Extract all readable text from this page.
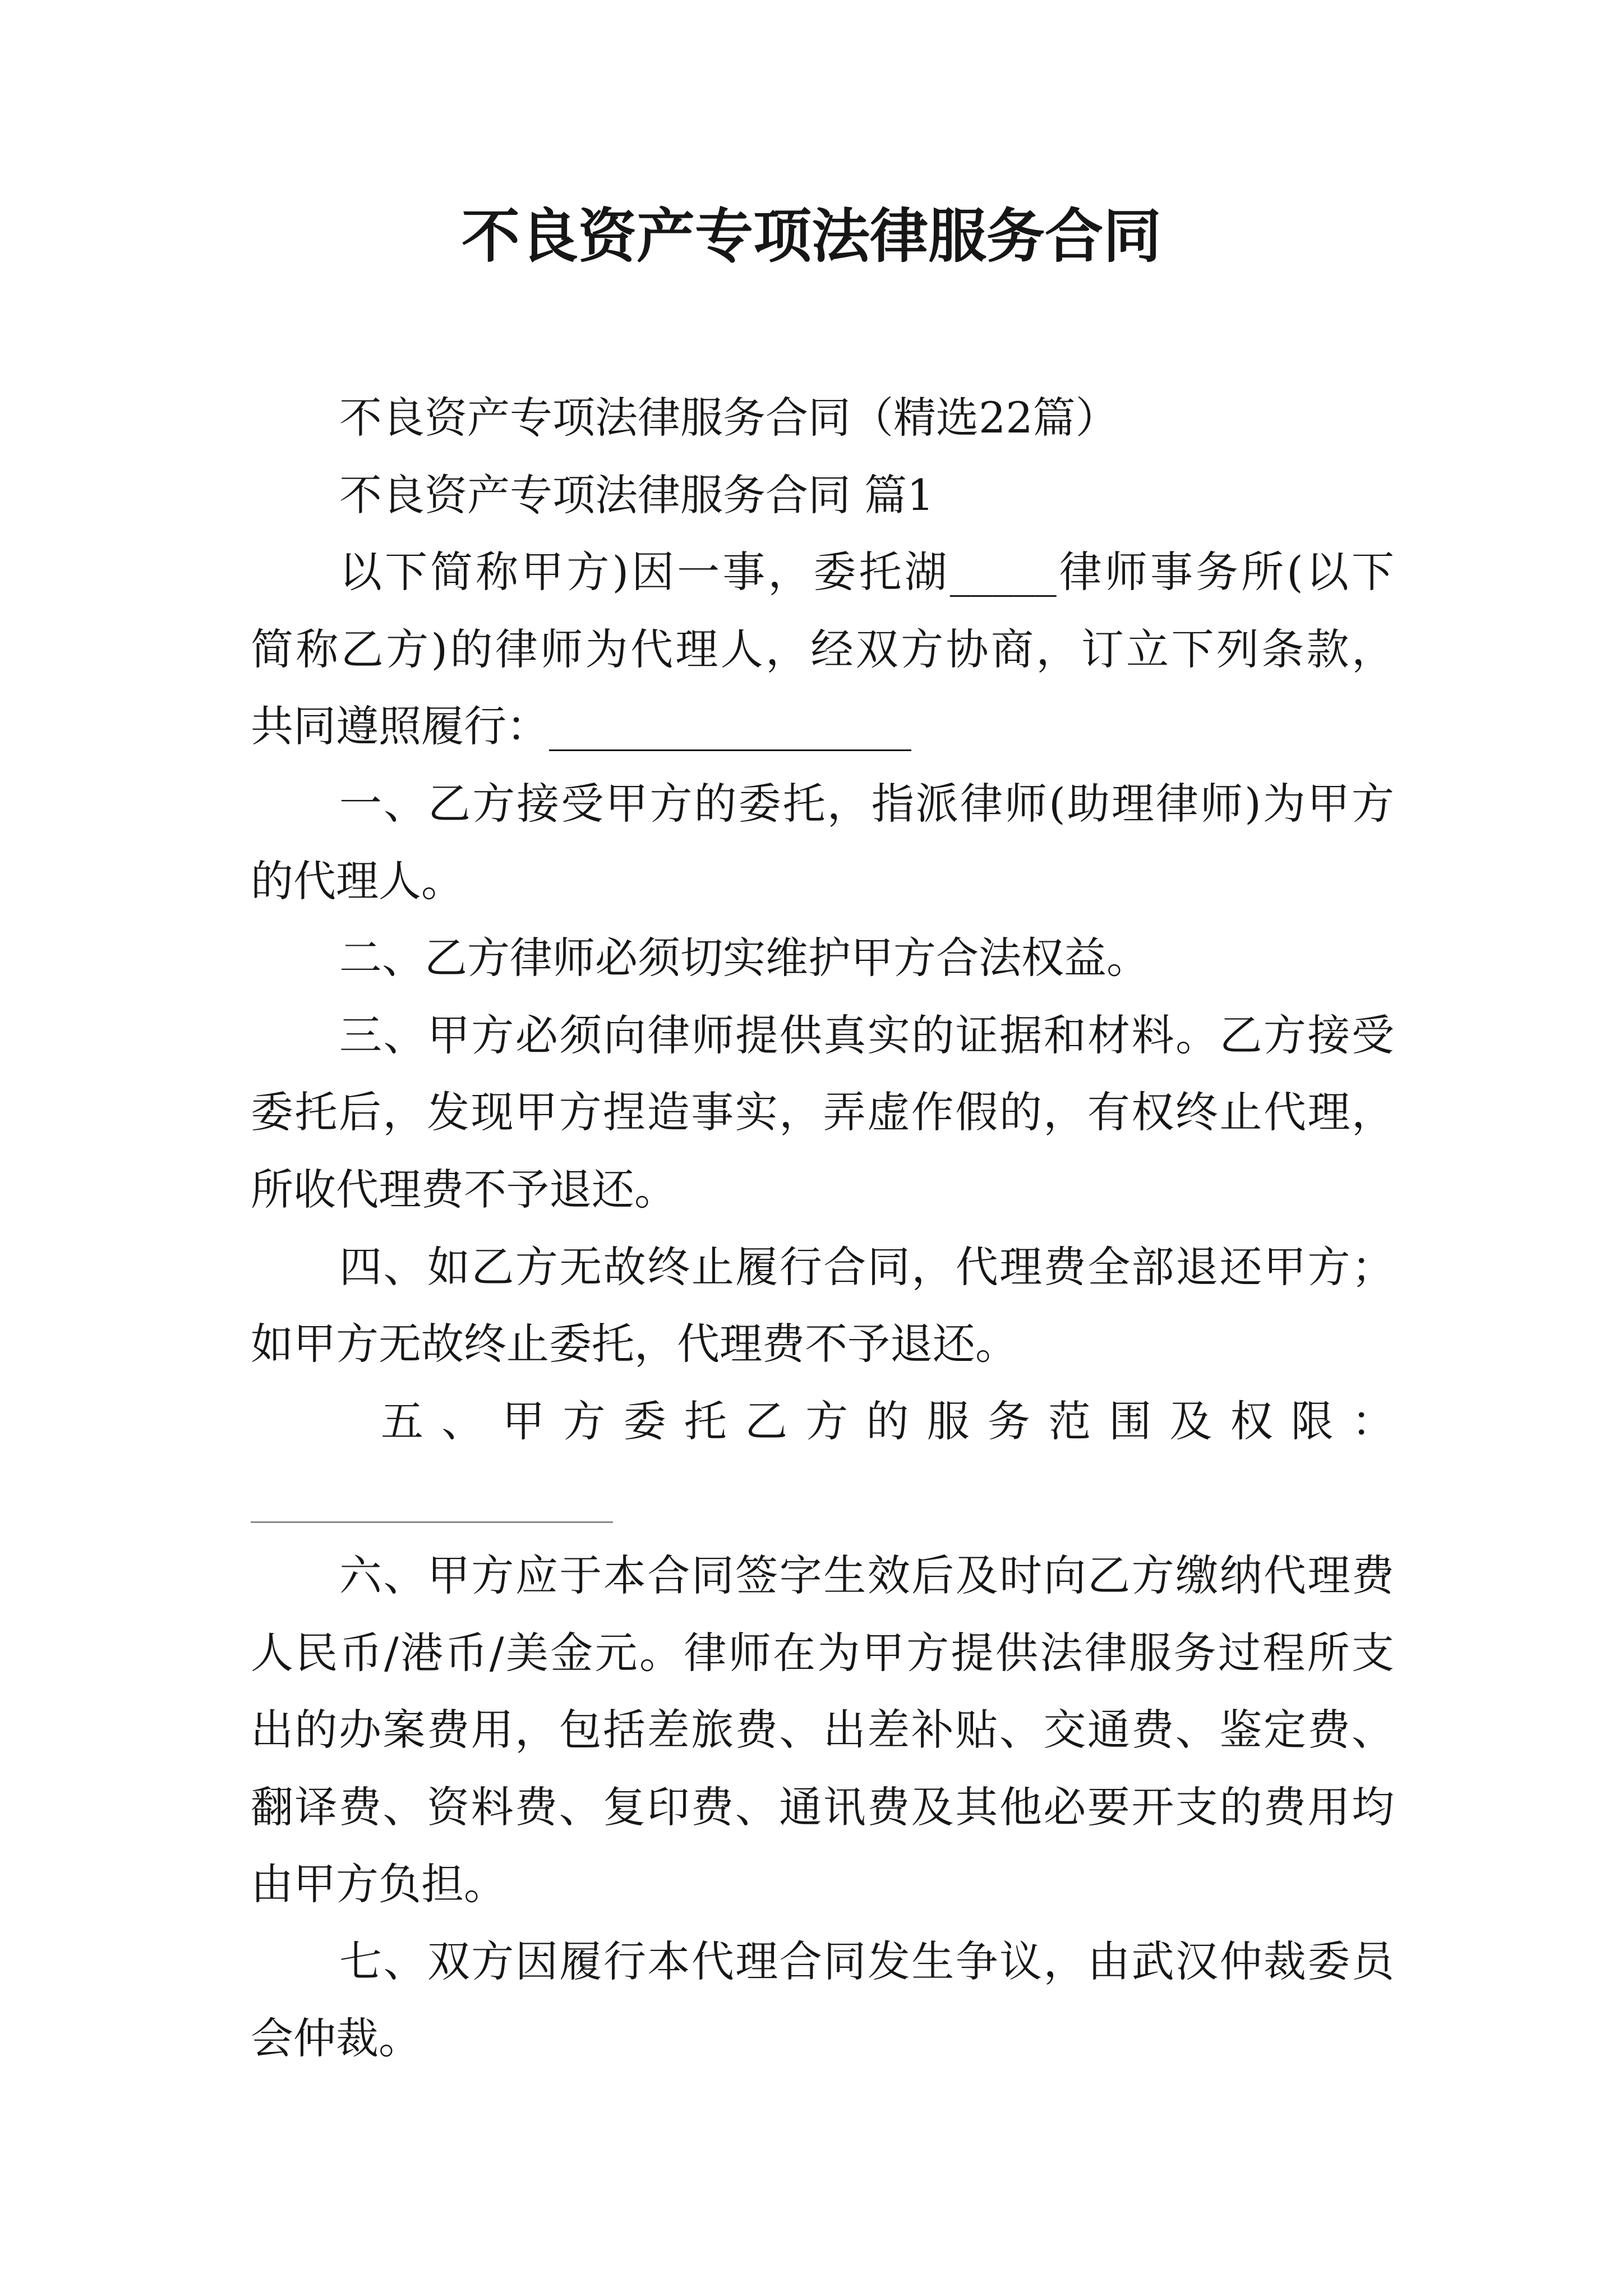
不良资产专项法律服务合同
不良资产专项法律服务合同（精选22篇）
不良资产专项法律服务合同 篇1
以下简称甲方)因一事，委托湖_____律师事务所(以下
简称乙方)的律师为代理人，经双方协商，订立下列条款，
共同遵照履行：_________________
一、乙方接受甲方的委托，指派律师(助理律师)为甲方
的代理人。
二、乙方律师必须切实维护甲方合法权益。
三、甲方必须向律师提供真实的证据和材料。乙方接受
委托后，发现甲方捏造事实，弄虚作假的，有权终止代理，
所收代理费不予退还。
四、如乙方无故终止履行合同，代理费全部退还甲方；
如甲方无故终止委托，代理费不予退还。
五、甲方委托乙方的服务范围及权限：
_________________
六、甲方应于本合同签字生效后及时向乙方缴纳代理费
人民币/港币/美金元。律师在为甲方提供法律服务过程所支
出的办案费用，包括差旅费、出差补贴、交通费、鉴定费、
翻译费、资料费、复印费、通讯费及其他必要开支的费用均
由甲方负担。
七、双方因履行本代理合同发生争议，由武汉仲裁委员
会仲裁。
